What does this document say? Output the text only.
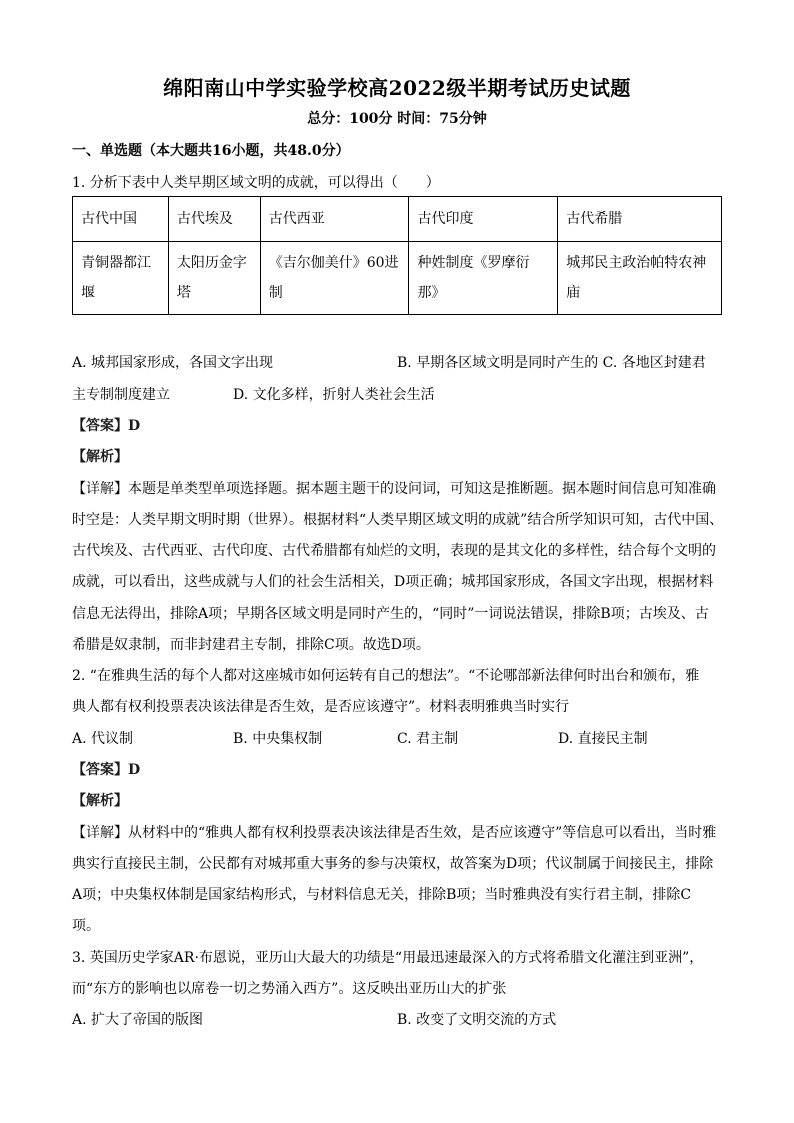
绵阳南山中学实验学校高2022级半期考试历史试题
总分：100分 时间：75分钟
一、单选题（本大题共16小题，共48.0分）
1. 分析下表中人类早期区域文明的成就，可以得出（　　）
古代中国	古代埃及	古代西亚	古代印度	古代希腊
青铜器都江堰	太阳历金字塔	《吉尔伽美什》60进制	种姓制度《罗摩衍那》	城邦民主政治帕特农神庙
A. 城邦国家形成，各国文字出现	B. 早期各区域文明是同时产生的 C. 各地区封建君
主专制制度建立	D. 文化多样，折射人类社会生活
【答案】D
【解析】
【详解】本题是单类型单项选择题。据本题主题干的设问词，可知这是推断题。据本题时间信息可知准确
时空是：人类早期文明时期（世界）。根据材料“人类早期区域文明的成就”结合所学知识可知，古代中国、
古代埃及、古代西亚、古代印度、古代希腊都有灿烂的文明，表现的是其文化的多样性，结合每个文明的
成就，可以看出，这些成就与人们的社会生活相关，D项正确；城邦国家形成，各国文字出现，根据材料
信息无法得出，排除A项；早期各区域文明是同时产生的，“同时”一词说法错误，排除B项；古埃及、古
希腊是奴隶制，而非封建君主专制，排除C项。故选D项。
2. “在雅典生活的每个人都对这座城市如何运转有自己的想法”。“不论哪部新法律何时出台和颁布，雅
典人都有权利投票表决该法律是否生效，是否应该遵守”。材料表明雅典当时实行
A. 代议制	B. 中央集权制	C. 君主制	D. 直接民主制
【答案】D
【解析】
【详解】从材料中的“雅典人都有权利投票表决该法律是否生效，是否应该遵守”等信息可以看出，当时雅
典实行直接民主制，公民都有对城邦重大事务的参与决策权，故答案为D项；代议制属于间接民主，排除
A项；中央集权体制是国家结构形式，与材料信息无关，排除B项；当时雅典没有实行君主制，排除C
项。
3. 英国历史学家AR·布恩说，亚历山大最大的功绩是“用最迅速最深入的方式将希腊文化灌注到亚洲”，
而“东方的影响也以席卷一切之势涌入西方”。这反映出亚历山大的扩张
A. 扩大了帝国的版图	B. 改变了文明交流的方式
